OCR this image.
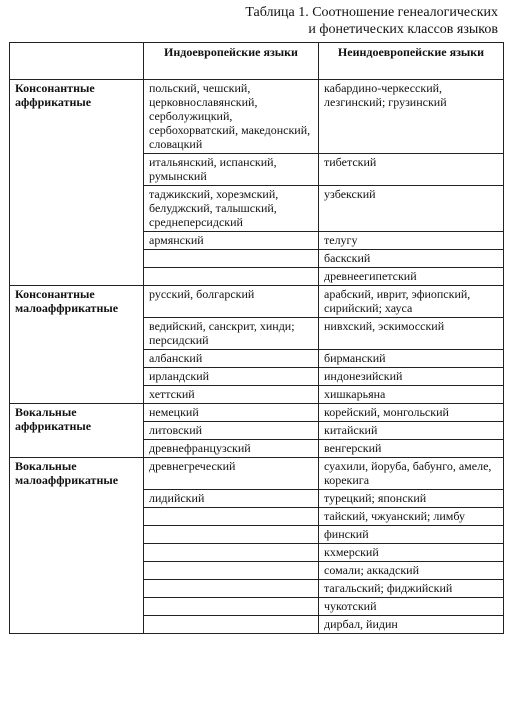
Таблица 1. Соотношение генеалогических
и фонетических классов языков
	Индоевропейские языки	Неиндоевропейские языки
Консонантные аффрикатные	польский, чешский, церковнославянский, серболужицкий, сербохорватский, македонский, словацкий	кабардино-черкесский, лезгинский; грузинский
	итальянский, испанский, румынский	тибетский
	таджикский, хорезмский, белуджский, талышский, среднеперсидский	узбекский
	армянский	телугу
		баскский
		древнеегипетский
Консонантные малоаффрикатные	русский, болгарский	арабский, иврит, эфиопский, сирийский; хауса
	ведийский, санскрит, хинди; персидский	нивхский, эскимосский
	албанский	бирманский
	ирландский	индонезийский
	хеттский	хишкарьяна
Вокальные аффрикатные	немецкий	корейский, монгольский
	литовский	китайский
	древнефранцузский	венгерский
Вокальные малоаффрикатные	древнегреческий	суахили, йоруба, бабунго, амеле, корекига
	лидийский	турецкий; японский
		тайский, чжуанский; лимбу
		финский
		кхмерский
		сомали; аккадский
		тагальский; фиджийский
		чукотский
		дирбал, йидин
